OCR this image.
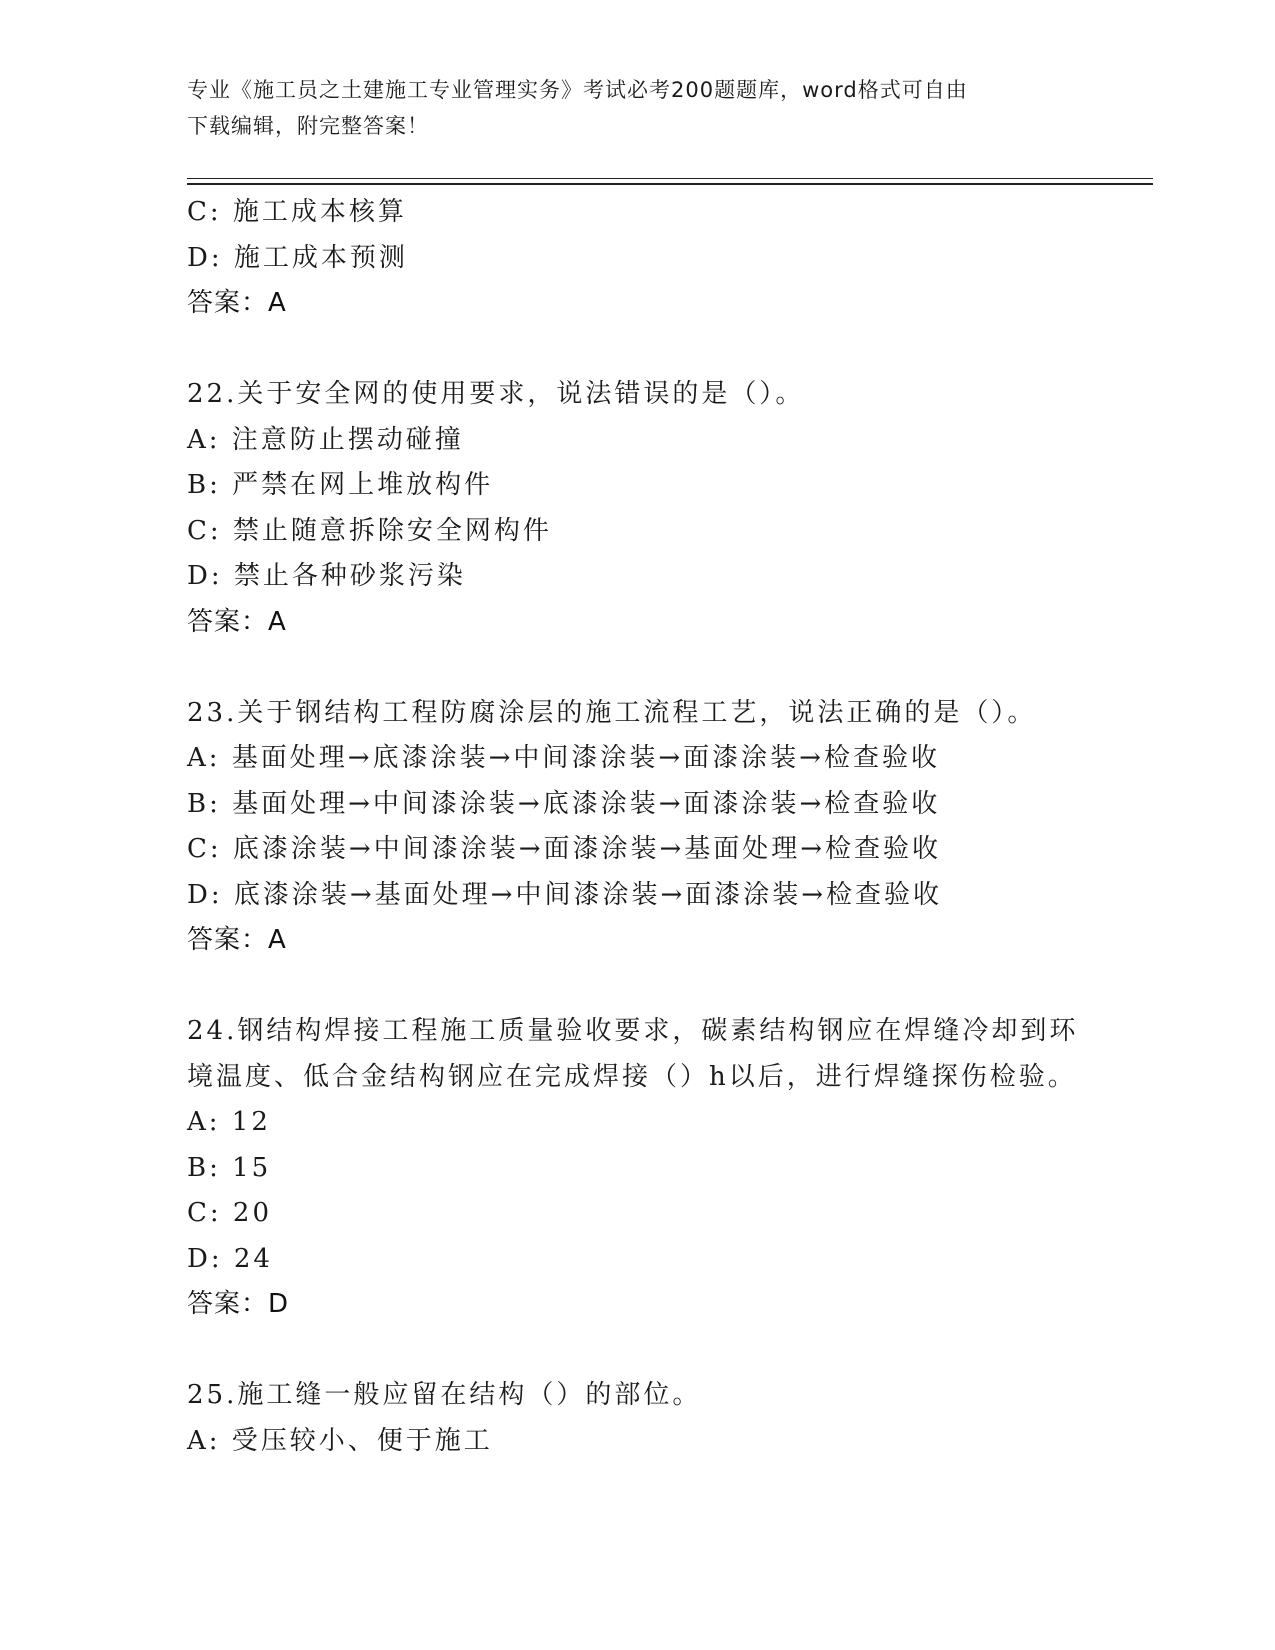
专业《施工员之土建施工专业管理实务》考试必考200题题库，word格式可自由
下载编辑，附完整答案！
C: 施工成本核算
D: 施工成本预测
答案：A
22.关于安全网的使用要求，说法错误的是（）。
A: 注意防止摆动碰撞
B: 严禁在网上堆放构件
C: 禁止随意拆除安全网构件
D: 禁止各种砂浆污染
答案：A
23.关于钢结构工程防腐涂层的施工流程工艺，说法正确的是（）。
A: 基面处理→底漆涂装→中间漆涂装→面漆涂装→检查验收
B: 基面处理→中间漆涂装→底漆涂装→面漆涂装→检查验收
C: 底漆涂装→中间漆涂装→面漆涂装→基面处理→检查验收
D: 底漆涂装→基面处理→中间漆涂装→面漆涂装→检查验收
答案：A
24.钢结构焊接工程施工质量验收要求，碳素结构钢应在焊缝冷却到环
境温度、低合金结构钢应在完成焊接（）h以后，进行焊缝探伤检验。
A: 12
B: 15
C: 20
D: 24
答案：D
25.施工缝一般应留在结构（）的部位。
A: 受压较小、便于施工
